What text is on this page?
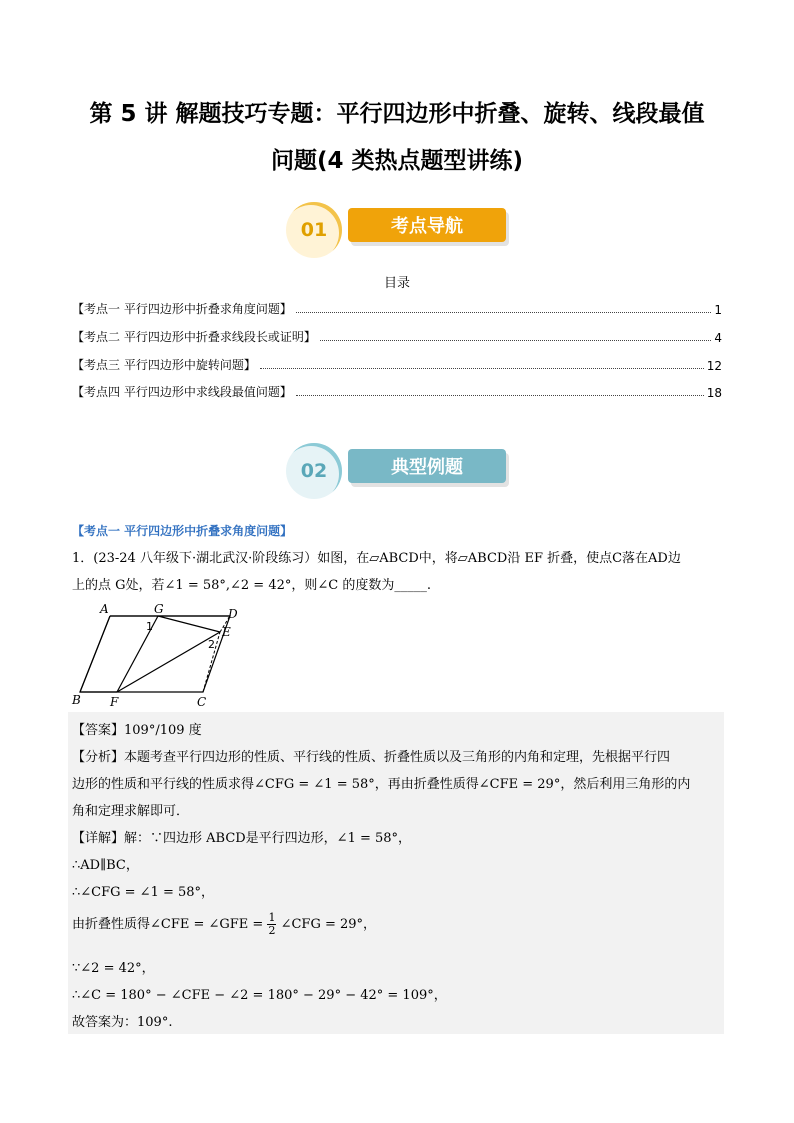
第 5 讲 解题技巧专题：平行四边形中折叠、旋转、线段最值
问题(4 类热点题型讲练)
01	考点导航
目录
【考点一 平行四边形中折叠求角度问题】	1
【考点二 平行四边形中折叠求线段长或证明】	4
【考点三 平行四边形中旋转问题】	12
【考点四 平行四边形中求线段最值问题】	18
02	典型例题
【考点一 平行四边形中折叠求角度问题】
1．(23-24 八年级下·湖北武汉·阶段练习）如图，在▱ABCD中，将▱ABCD沿 EF 折叠，使点C落在AD边
上的点 G处，若∠1 = 58°,∠2 = 42°，则∠C 的度数为_____.
A	G	D
E
B F	C
1
2
【答案】109°/109 度
【分析】本题考查平行四边形的性质、平行线的性质、折叠性质以及三角形的内角和定理，先根据平行四
边形的性质和平行线的性质求得∠CFG = ∠1 = 58°，再由折叠性质得∠CFE = 29°，然后利用三角形的内
角和定理求解即可．
【详解】解：∵四边形 ABCD是平行四边形，∠1 = 58°，
∴AD∥BC，
∴∠CFG = ∠1 = 58°，
由折叠性质得∠CFE = ∠GFE = $\frac{1}{2}$ ∠CFG = 29°，
∵∠2 = 42°，
∴∠C = 180° − ∠CFE − ∠2 = 180° − 29° − 42° = 109°，
故答案为：109°.
